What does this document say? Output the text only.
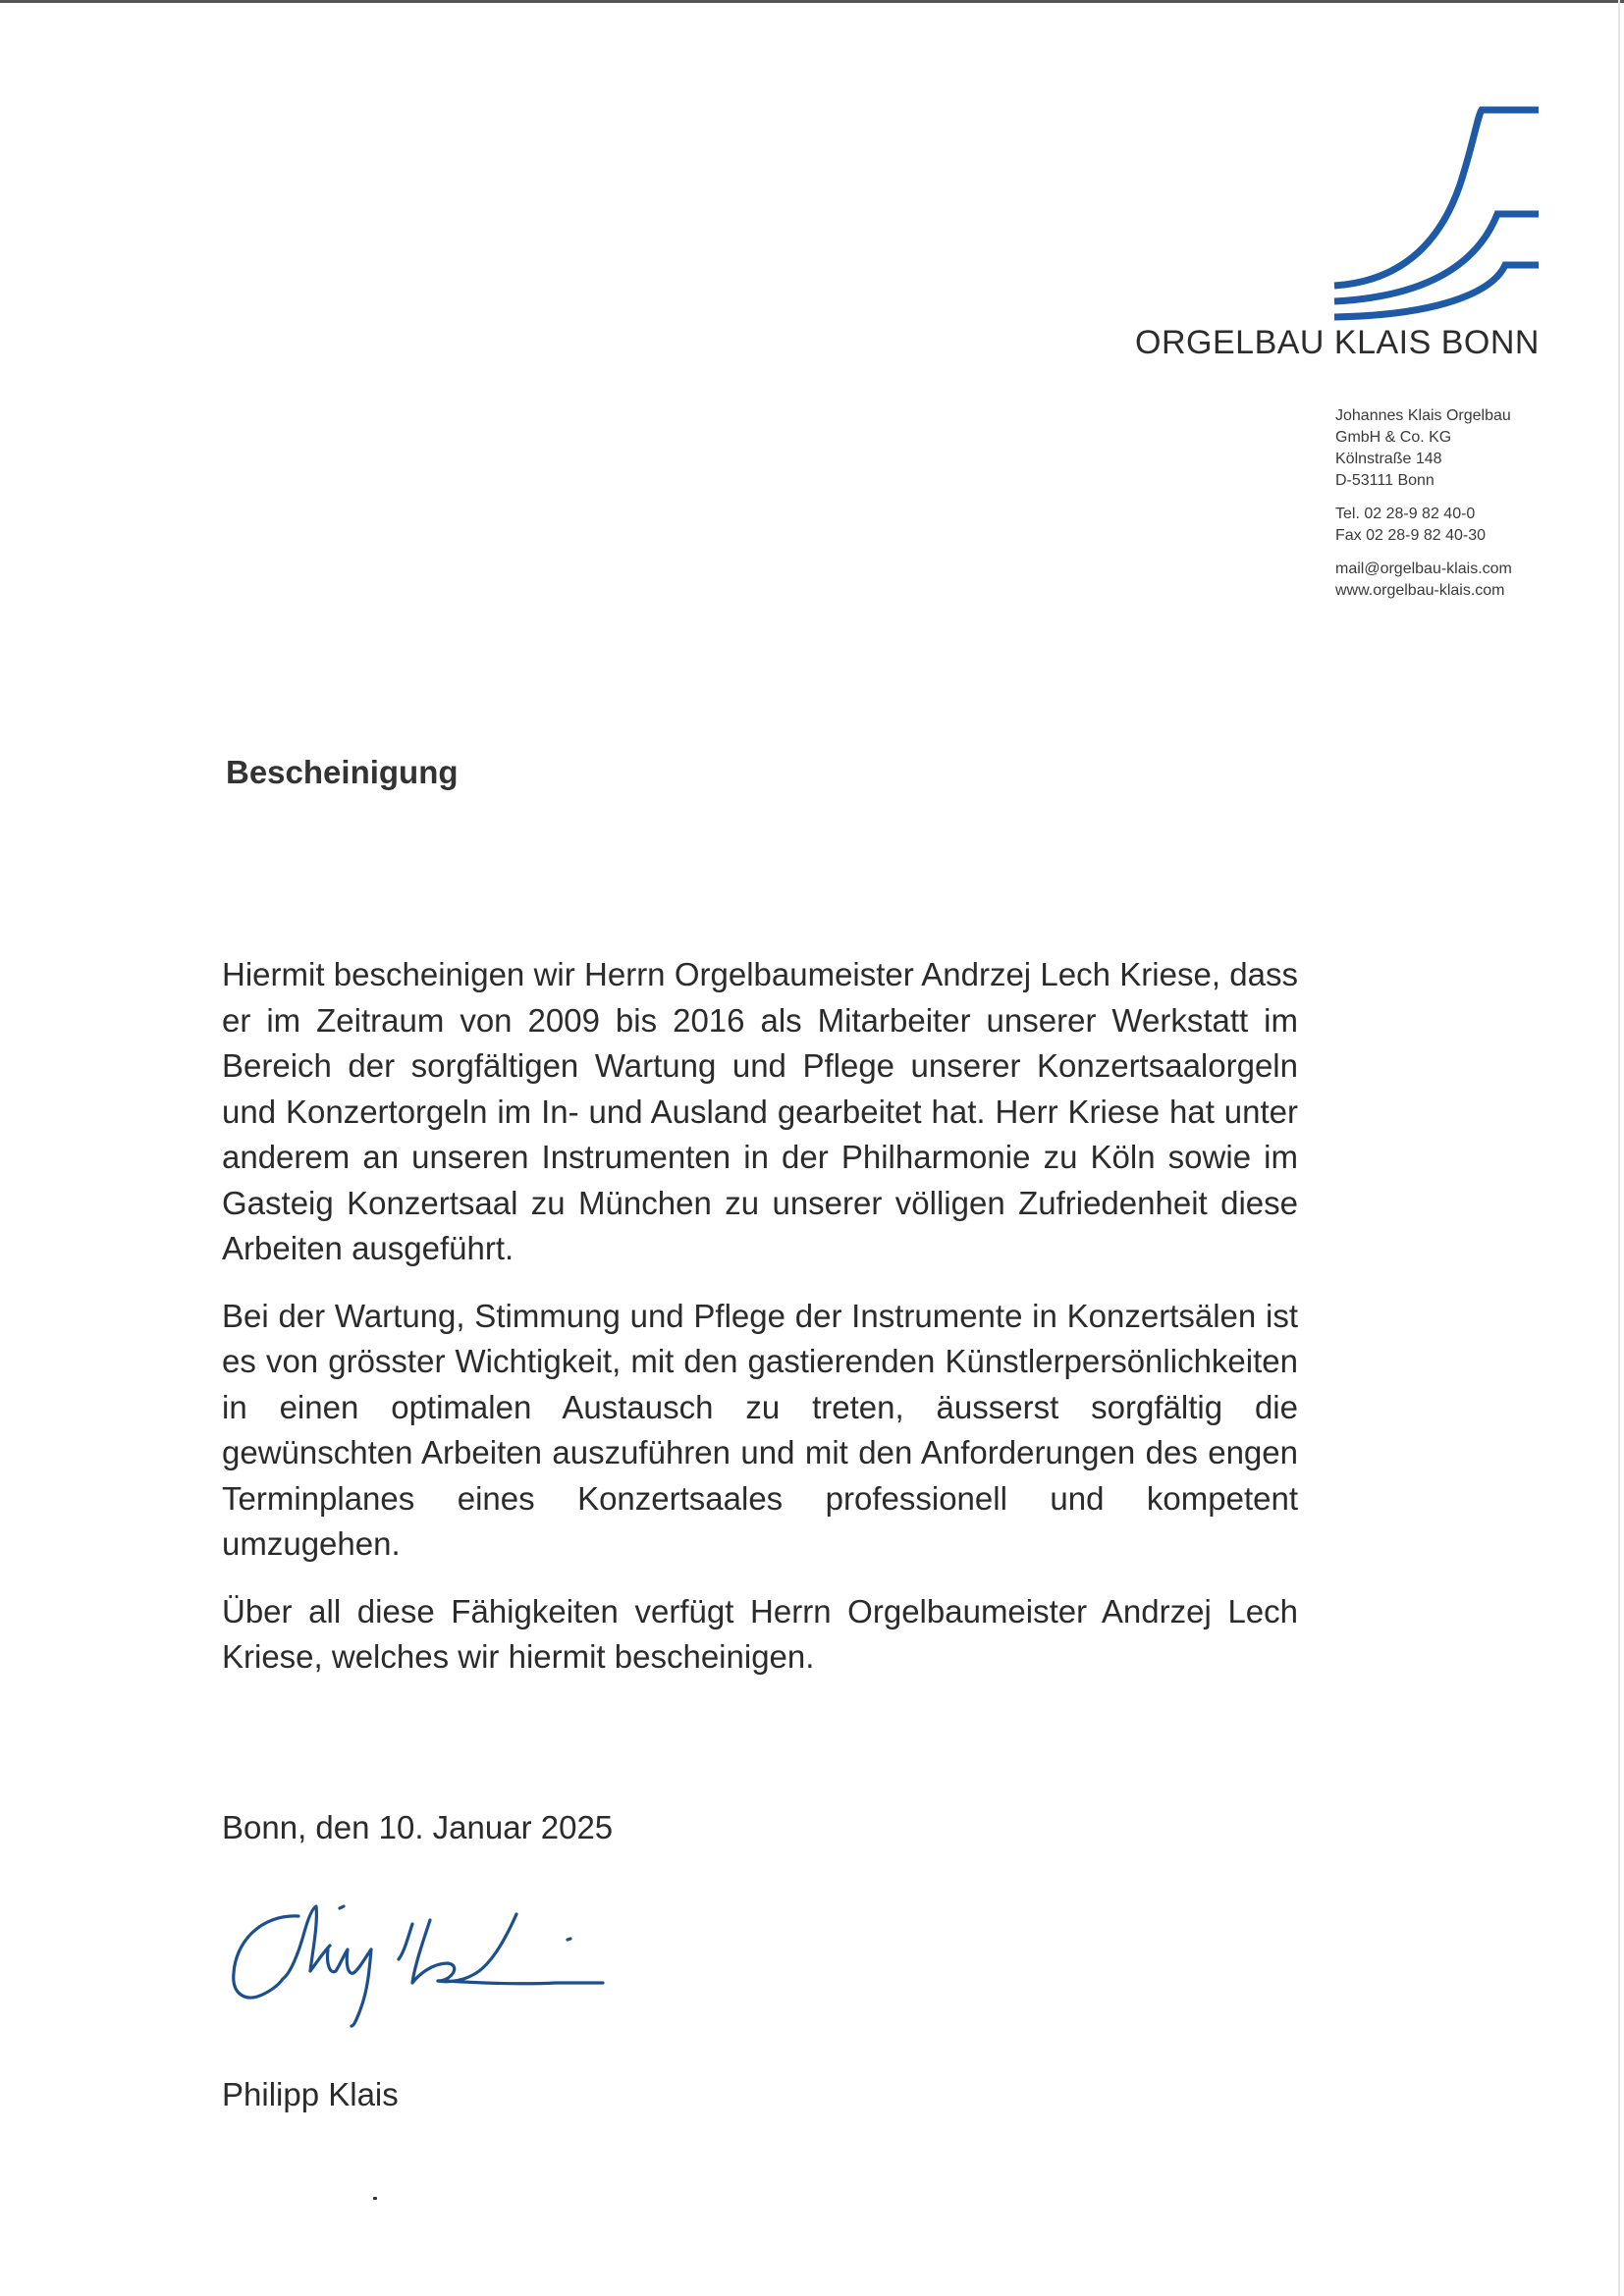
ORGELBAU KLAIS BONN
Johannes Klais Orgelbau
GmbH & Co. KG
Kölnstraße 148
D-53111 Bonn
Tel. 02 28-9 82 40-0
Fax 02 28-9 82 40-30
mail@orgelbau-klais.com
www.orgelbau-klais.com
Bescheinigung

Hiermit bescheinigen wir Herrn Orgelbaumeister Andrzej Lech Kriese, dass er im Zeitraum von 2009 bis 2016 als Mitarbeiter unserer Werkstatt im Bereich der sorgfältigen Wartung und Pflege unserer Konzertsaalorgeln und Konzertorgeln im In- und Ausland gearbeitet hat. Herr Kriese hat unter anderem an unseren Instrumenten in der Philharmonie zu Köln sowie im Gasteig Konzertsaal zu München zu unserer völligen Zufriedenheit diese Arbeiten ausgeführt.

Bei der Wartung, Stimmung und Pflege der Instrumente in Konzertsälen ist es von grösster Wichtigkeit, mit den gastierenden Künstlerpersönlichkeiten in einen optimalen Austausch zu treten, äusserst sorgfältig die gewünschten Arbeiten auszuführen und mit den Anforderungen des engen Terminplanes eines Konzertsaales professionell und kompetent umzugehen.

Über all diese Fähigkeiten verfügt Herrn Orgelbaumeister Andrzej Lech Kriese, welches wir hiermit bescheinigen.

Bonn, den 10. Januar 2025
Philipp Klais
